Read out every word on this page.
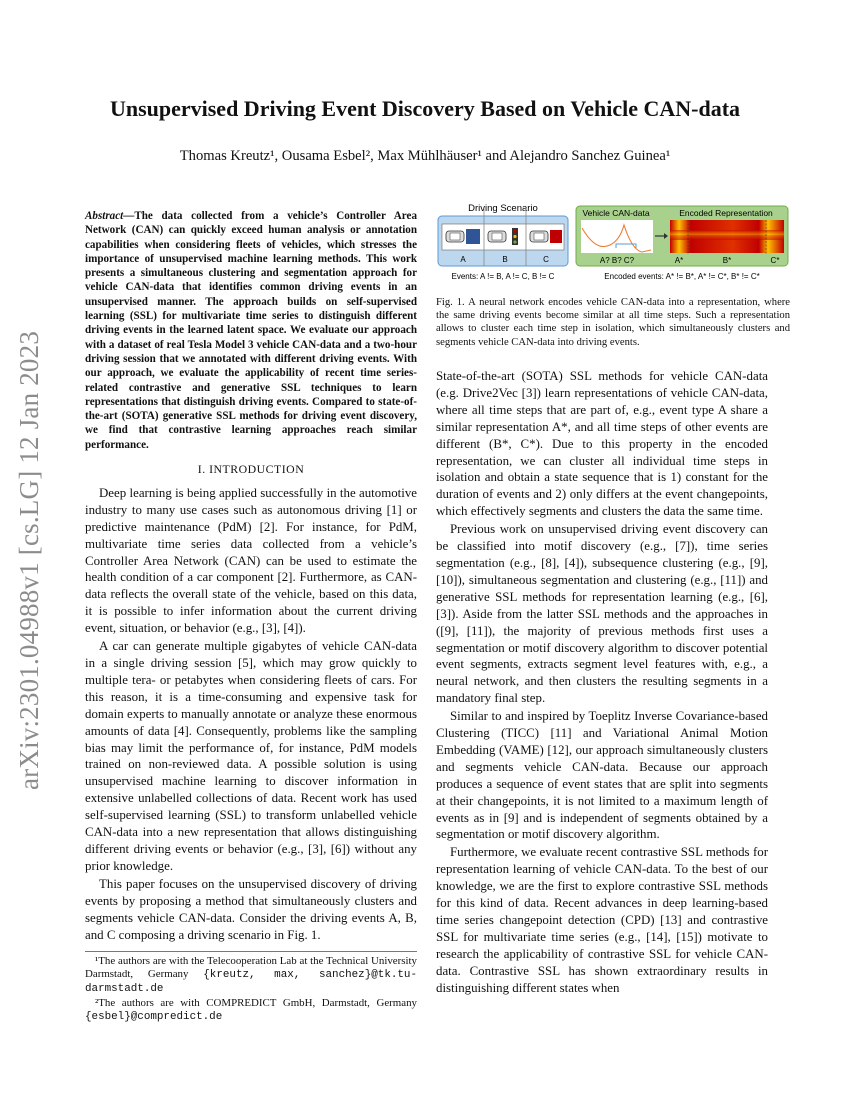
arXiv:2301.04988v1 [cs.LG] 12 Jan 2023
Unsupervised Driving Event Discovery Based on Vehicle CAN-data
Thomas Kreutz¹, Ousama Esbel², Max Mühlhäuser¹ and Alejandro Sanchez Guinea¹

Abstract—The data collected from a vehicle’s Controller Area Network (CAN) can quickly exceed human analysis or annotation capabilities when considering fleets of vehicles, which stresses the importance of unsupervised machine learning methods. This work presents a simultaneous clustering and segmentation approach for vehicle CAN-data that identifies common driving events in an unsupervised manner. The approach builds on self-supervised learning (SSL) for multivariate time series to distinguish different driving events in the learned latent space. We evaluate our approach with a dataset of real Tesla Model 3 vehicle CAN-data and a two-hour driving session that we annotated with different driving events. With our approach, we evaluate the applicability of recent time series-related contrastive and generative SSL techniques to learn representations that distinguish driving events. Compared to state-of-the-art (SOTA) generative SSL methods for driving event discovery, we find that contrastive learning approaches reach similar performance.

I. INTRODUCTION

Deep learning is being applied successfully in the automotive industry to many use cases such as autonomous driving [1] or predictive maintenance (PdM) [2]. For instance, for PdM, multivariate time series data collected from a vehicle’s Controller Area Network (CAN) can be used to estimate the health condition of a car component [2]. Furthermore, as CAN-data reflects the overall state of the vehicle, based on this data, it is possible to infer information about the current driving event, situation, or behavior (e.g., [3], [4]).

A car can generate multiple gigabytes of vehicle CAN-data in a single driving session [5], which may grow quickly to multiple tera- or petabytes when considering fleets of cars. For this reason, it is a time-consuming and expensive task for domain experts to manually annotate or analyze these enormous amounts of data [4]. Consequently, problems like the sampling bias may limit the performance of, for instance, PdM models trained on non-reviewed data. A possible solution is using unsupervised machine learning to discover information in extensive unlabelled collections of data. Recent work has used self-supervised learning (SSL) to transform unlabelled vehicle CAN-data into a new representation that allows distinguishing different driving events or behavior (e.g., [3], [6]) without any prior knowledge.

This paper focuses on the unsupervised discovery of driving events by proposing a method that simultaneously clusters and segments vehicle CAN-data. Consider the driving events A, B, and C composing a driving scenario in Fig. 1.

¹The authors are with the Telecooperation Lab at the Technical University Darmstadt, Germany {kreutz, max, sanchez}@tk.tu-darmstadt.de

²The authors are with COMPREDICT GmbH, Darmstadt, Germany {esbel}@compredict.de

Driving Scenario
A	B	C
Events: A != B, A != C, B != C
Vehicle CAN-data	Encoded Representation
A? B? C?	A*	B*	C*
Encoded events: A* != B*, A* != C*, B* != C*
Fig. 1. A neural network encodes vehicle CAN-data into a representation, where the same driving events become similar at all time steps. Such a representation allows to cluster each time step in isolation, which simultaneously clusters and segments vehicle CAN-data into driving events.

State-of-the-art (SOTA) SSL methods for vehicle CAN-data (e.g. Drive2Vec [3]) learn representations of vehicle CAN-data, where all time steps that are part of, e.g., event type A share a similar representation A*, and all time steps of other events are different (B*, C*). Due to this property in the encoded representation, we can cluster all individual time steps in isolation and obtain a state sequence that is 1) constant for the duration of events and 2) only differs at the event changepoints, which effectively segments and clusters the data the same time.

Previous work on unsupervised driving event discovery can be classified into motif discovery (e.g., [7]), time series segmentation (e.g., [8], [4]), subsequence clustering (e.g., [9], [10]), simultaneous segmentation and clustering (e.g., [11]) and generative SSL methods for representation learning (e.g., [6], [3]). Aside from the latter SSL methods and the approaches in ([9], [11]), the majority of previous methods first uses a segmentation or motif discovery algorithm to discover potential event segments, extracts segment level features with, e.g., a neural network, and then clusters the resulting segments in a mandatory final step.

Similar to and inspired by Toeplitz Inverse Covariance-based Clustering (TICC) [11] and Variational Animal Motion Embedding (VAME) [12], our approach simultaneously clusters and segments vehicle CAN-data. Because our approach produces a sequence of event states that are split into segments at their changepoints, it is not limited to a maximum length of events as in [9] and is independent of segments obtained by a segmentation or motif discovery algorithm.

Furthermore, we evaluate recent contrastive SSL methods for representation learning of vehicle CAN-data. To the best of our knowledge, we are the first to explore contrastive SSL methods for this kind of data. Recent advances in deep learning-based time series changepoint detection (CPD) [13] and contrastive SSL for multivariate time series (e.g., [14], [15]) motivate to research the applicability of contrastive SSL for vehicle CAN-data. Contrastive SSL has shown extraordinary results in distinguishing different states when
